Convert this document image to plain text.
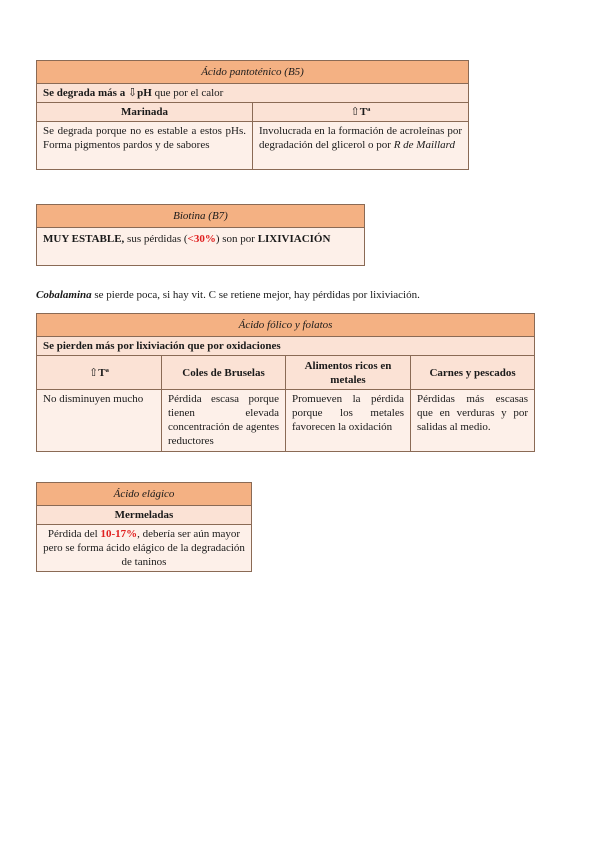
Ácido pantoténico (B5)	
Se degrada más a ⇩pH que por el calor	
Marinada	⇧Tª
Se degrada porque no es estable a estos pHs. Forma pigmentos pardos y de sabores	Involucrada en la formación de acroleínas por degradación del glicerol o por R de Maillard
Biotina (B7)
MUY ESTABLE, sus pérdidas (<30%) son por LIXIVIACIÓN
Cobalamina se pierde poca, si hay vit. C se retiene mejor, hay pérdidas por lixiviación.
Ácido fólico y folatos			
Se pierden más por lixiviación que por oxidaciones			
⇧Tª	Coles de Bruselas	Alimentos ricos en metales	Carnes y pescados
No disminuyen mucho	Pérdida escasa porque tienen elevada concentración de agentes reductores	Promueven la pérdida porque los metales favorecen la oxidación	Pérdidas más escasas que en verduras y por salidas al medio.
Ácido elágico
Mermeladas
Pérdida del 10-17%, debería ser aún mayor pero se forma ácido elágico de la degradación de taninos
